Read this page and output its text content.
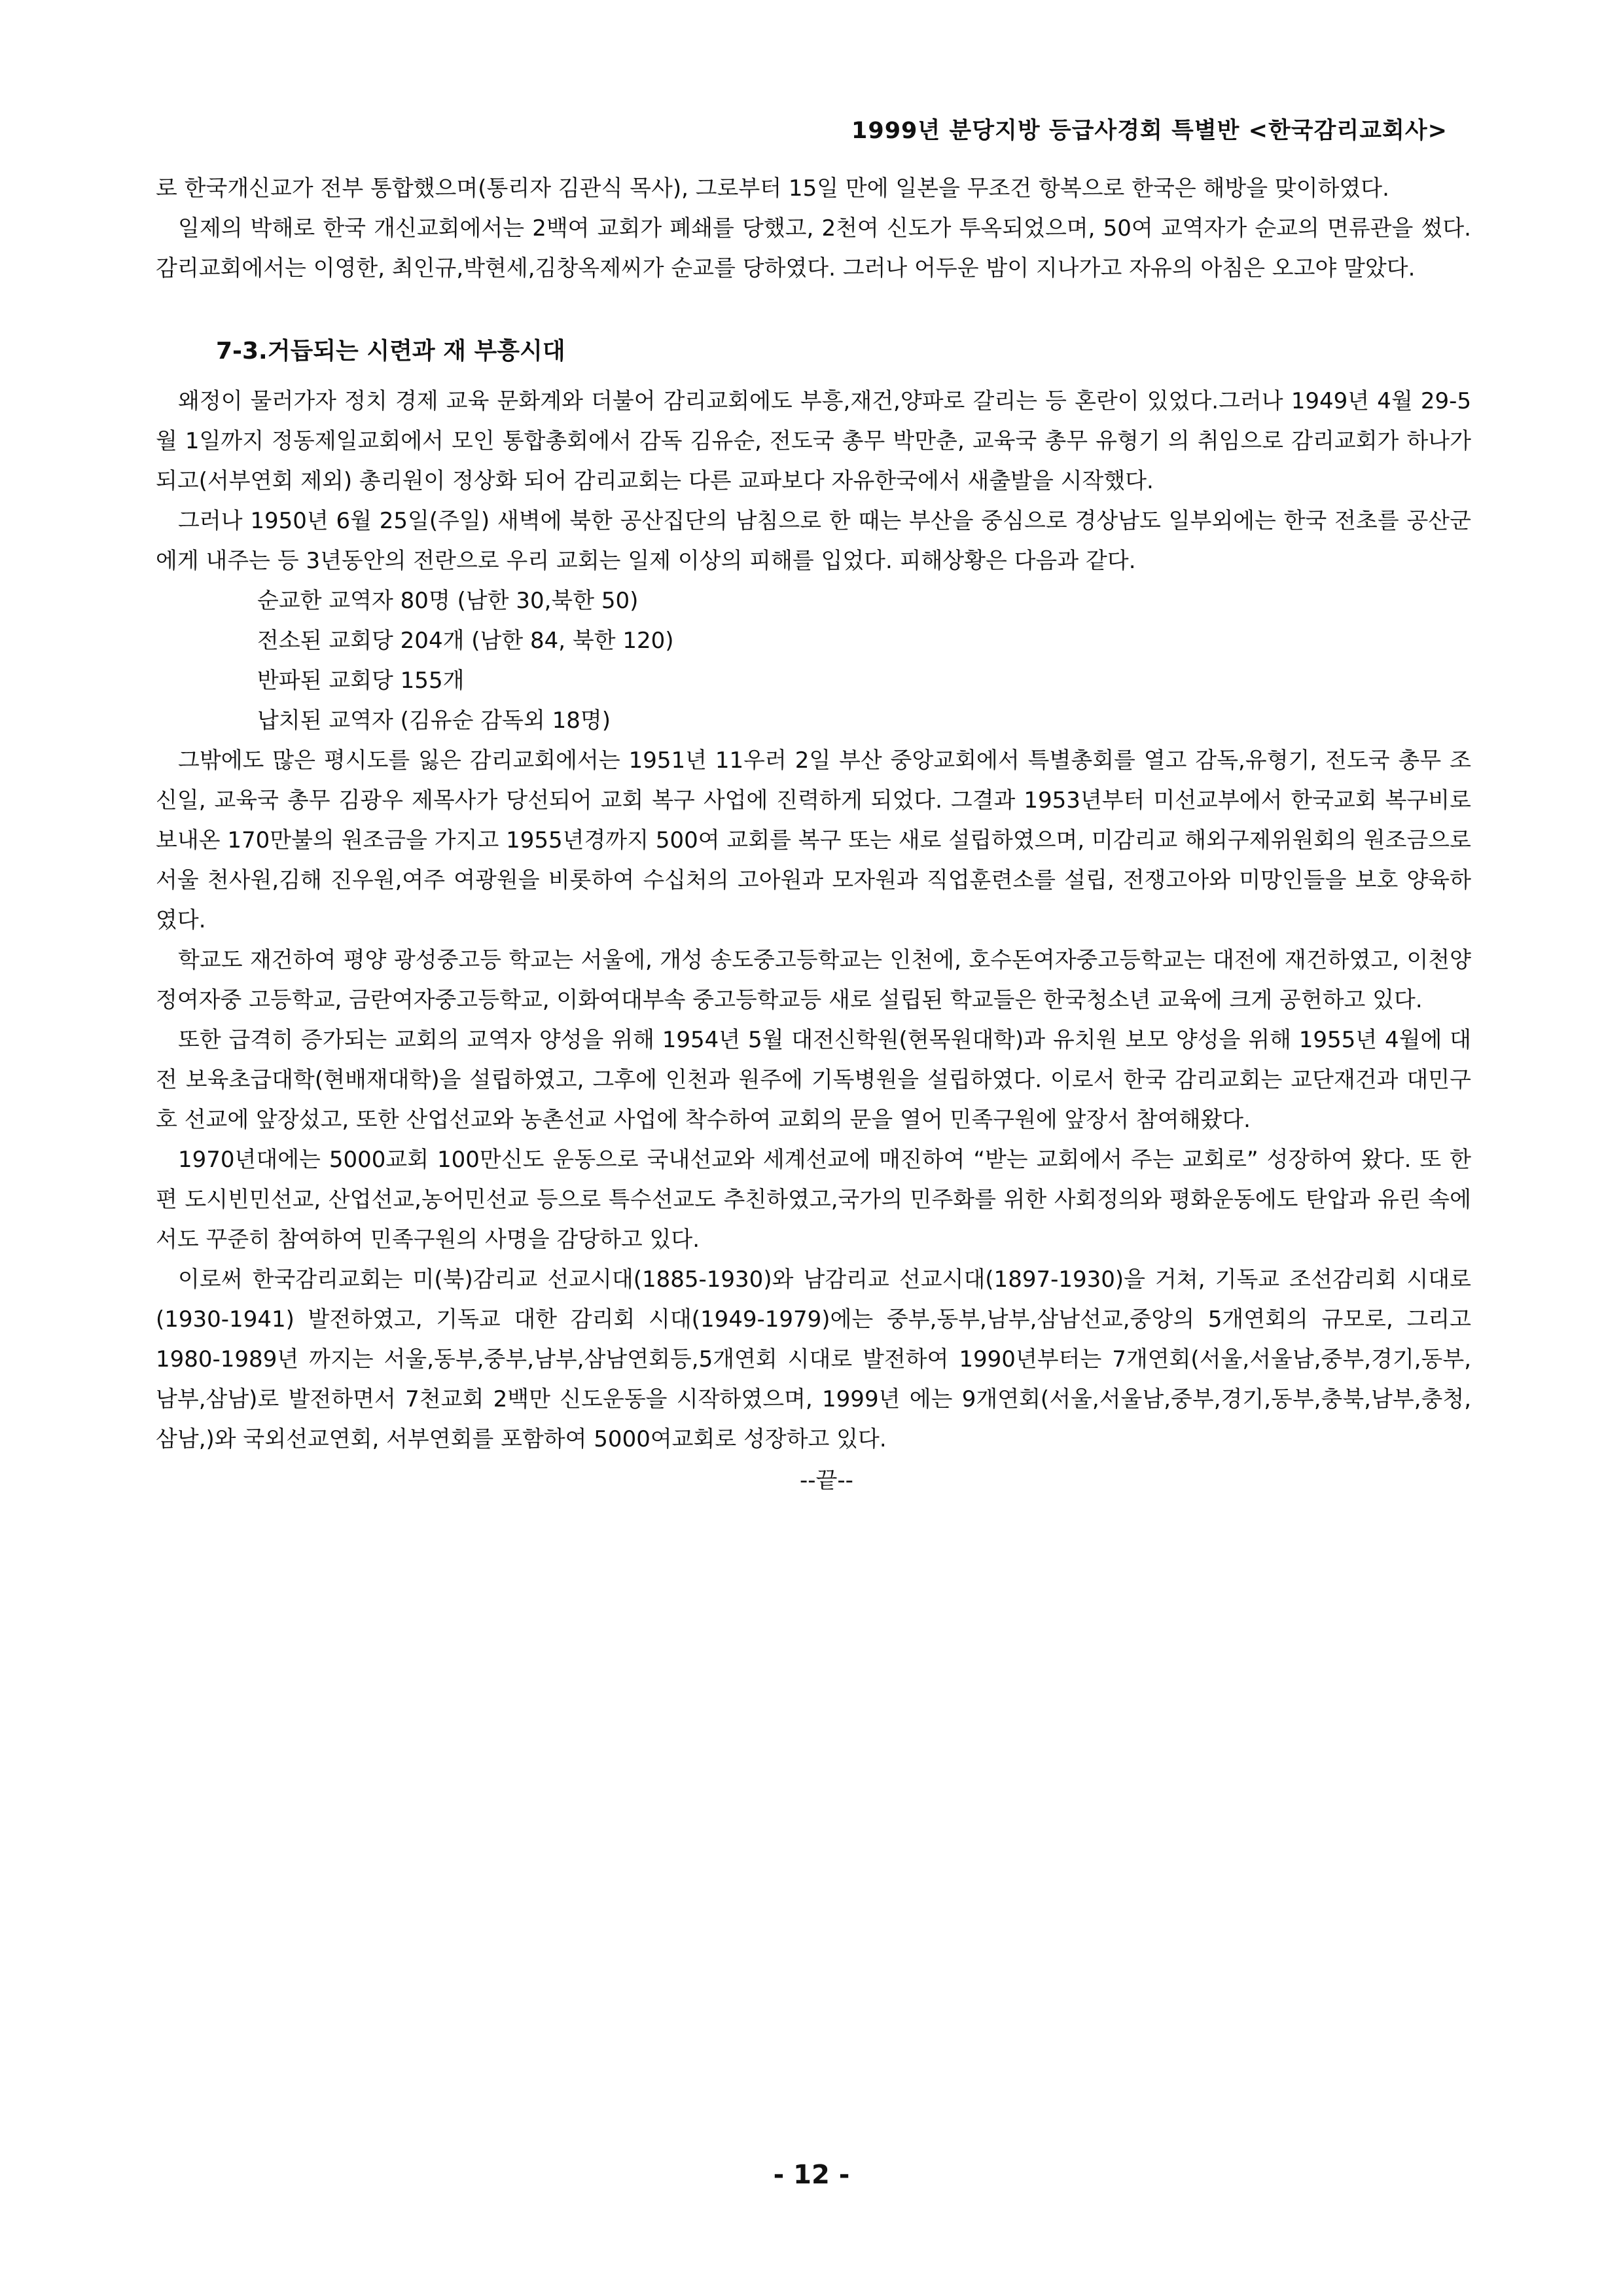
1999년 분당지방 등급사경회 특별반 <한국감리교회사>

로 한국개신교가 전부 통합했으며(통리자 김관식 목사), 그로부터 15일 만에 일본을 무조건 항복으로 한국은 해방을 맞이하였다.

일제의 박해로 한국 개신교회에서는 2백여 교회가 폐쇄를 당했고, 2천여 신도가 투옥되었으며, 50여 교역자가 순교의 면류관을 썼다. 감리교회에서는 이영한, 최인규,박현세,김창옥제씨가 순교를 당하였다. 그러나 어두운 밤이 지나가고 자유의 아침은 오고야 말았다.

7-3.거듭되는 시련과 재 부흥시대

왜정이 물러가자 정치 경제 교육 문화계와 더불어 감리교회에도 부흥,재건,양파로 갈리는 등 혼란이 있었다.그러나 1949년 4월 29-5월 1일까지 정동제일교회에서 모인 통합총회에서 감독 김유순, 전도국 총무 박만춘, 교육국 총무 유형기 의 취임으로 감리교회가 하나가 되고(서부연회 제외) 총리원이 정상화 되어 감리교회는 다른 교파보다 자유한국에서 새출발을 시작했다.

그러나 1950년 6월 25일(주일) 새벽에 북한 공산집단의 남침으로 한 때는 부산을 중심으로 경상남도 일부외에는 한국 전초를 공산군에게 내주는 등 3년동안의 전란으로 우리 교회는 일제 이상의 피해를 입었다. 피해상황은 다음과 같다.

순교한 교역자 80명 (남한 30,북한 50)
전소된 교회당 204개 (남한 84, 북한 120)
반파된 교회당 155개
납치된 교역자 (김유순 감독외 18명)

그밖에도 많은 평시도를 잃은 감리교회에서는 1951년 11우러 2일 부산 중앙교회에서 특별총회를 열고 감독,유형기, 전도국 총무 조신일, 교육국 총무 김광우 제목사가 당선되어 교회 복구 사업에 진력하게 되었다. 그결과 1953년부터 미선교부에서 한국교회 복구비로 보내온 170만불의 원조금을 가지고 1955년경까지 500여 교회를 복구 또는 새로 설립하였으며, 미감리교 해외구제위원회의 원조금으로 서울 천사원,김해 진우원,여주 여광원을 비롯하여 수십처의 고아원과 모자원과 직업훈련소를 설립, 전쟁고아와 미망인들을 보호 양육하였다.

학교도 재건하여 평양 광성중고등 학교는 서울에, 개성 송도중고등학교는 인천에, 호수돈여자중고등학교는 대전에 재건하였고, 이천양정여자중 고등학교, 금란여자중고등학교, 이화여대부속 중고등학교등 새로 설립된 학교들은 한국청소년 교육에 크게 공헌하고 있다.

또한 급격히 증가되는 교회의 교역자 양성을 위해 1954년 5월 대전신학원(현목원대학)과 유치원 보모 양성을 위해 1955년 4월에 대전 보육초급대학(현배재대학)을 설립하였고, 그후에 인천과 원주에 기독병원을 설립하였다. 이로서 한국 감리교회는 교단재건과 대민구호 선교에 앞장섰고, 또한 산업선교와 농촌선교 사업에 착수하여 교회의 문을 열어 민족구원에 앞장서 참여해왔다.

1970년대에는 5000교회 100만신도 운동으로 국내선교와 세계선교에 매진하여 “받는 교회에서 주는 교회로” 성장하여 왔다. 또 한편 도시빈민선교, 산업선교,농어민선교 등으로 특수선교도 추친하였고,국가의 민주화를 위한 사회정의와 평화운동에도 탄압과 유린 속에서도 꾸준히 참여하여 민족구원의 사명을 감당하고 있다.

이로써 한국감리교회는 미(북)감리교 선교시대(1885-1930)와 남감리교 선교시대(1897-1930)을 거쳐, 기독교 조선감리회 시대로 (1930-1941) 발전하였고, 기독교 대한 감리회 시대(1949-1979)에는 중부,동부,남부,삼남선교,중앙의 5개연회의 규모로, 그리고 1980-1989년 까지는 서울,동부,중부,남부,삼남연회등,5개연회 시대로 발전하여 1990년부터는 7개연회(서울,서울남,중부,경기,동부,남부,삼남)로 발전하면서 7천교회 2백만 신도운동을 시작하였으며, 1999년 에는 9개연회(서울,서울남,중부,경기,동부,충북,남부,충청,삼남,)와 국외선교연회, 서부연회를 포함하여 5000여교회로 성장하고 있다.

--끝--

- 12 -
